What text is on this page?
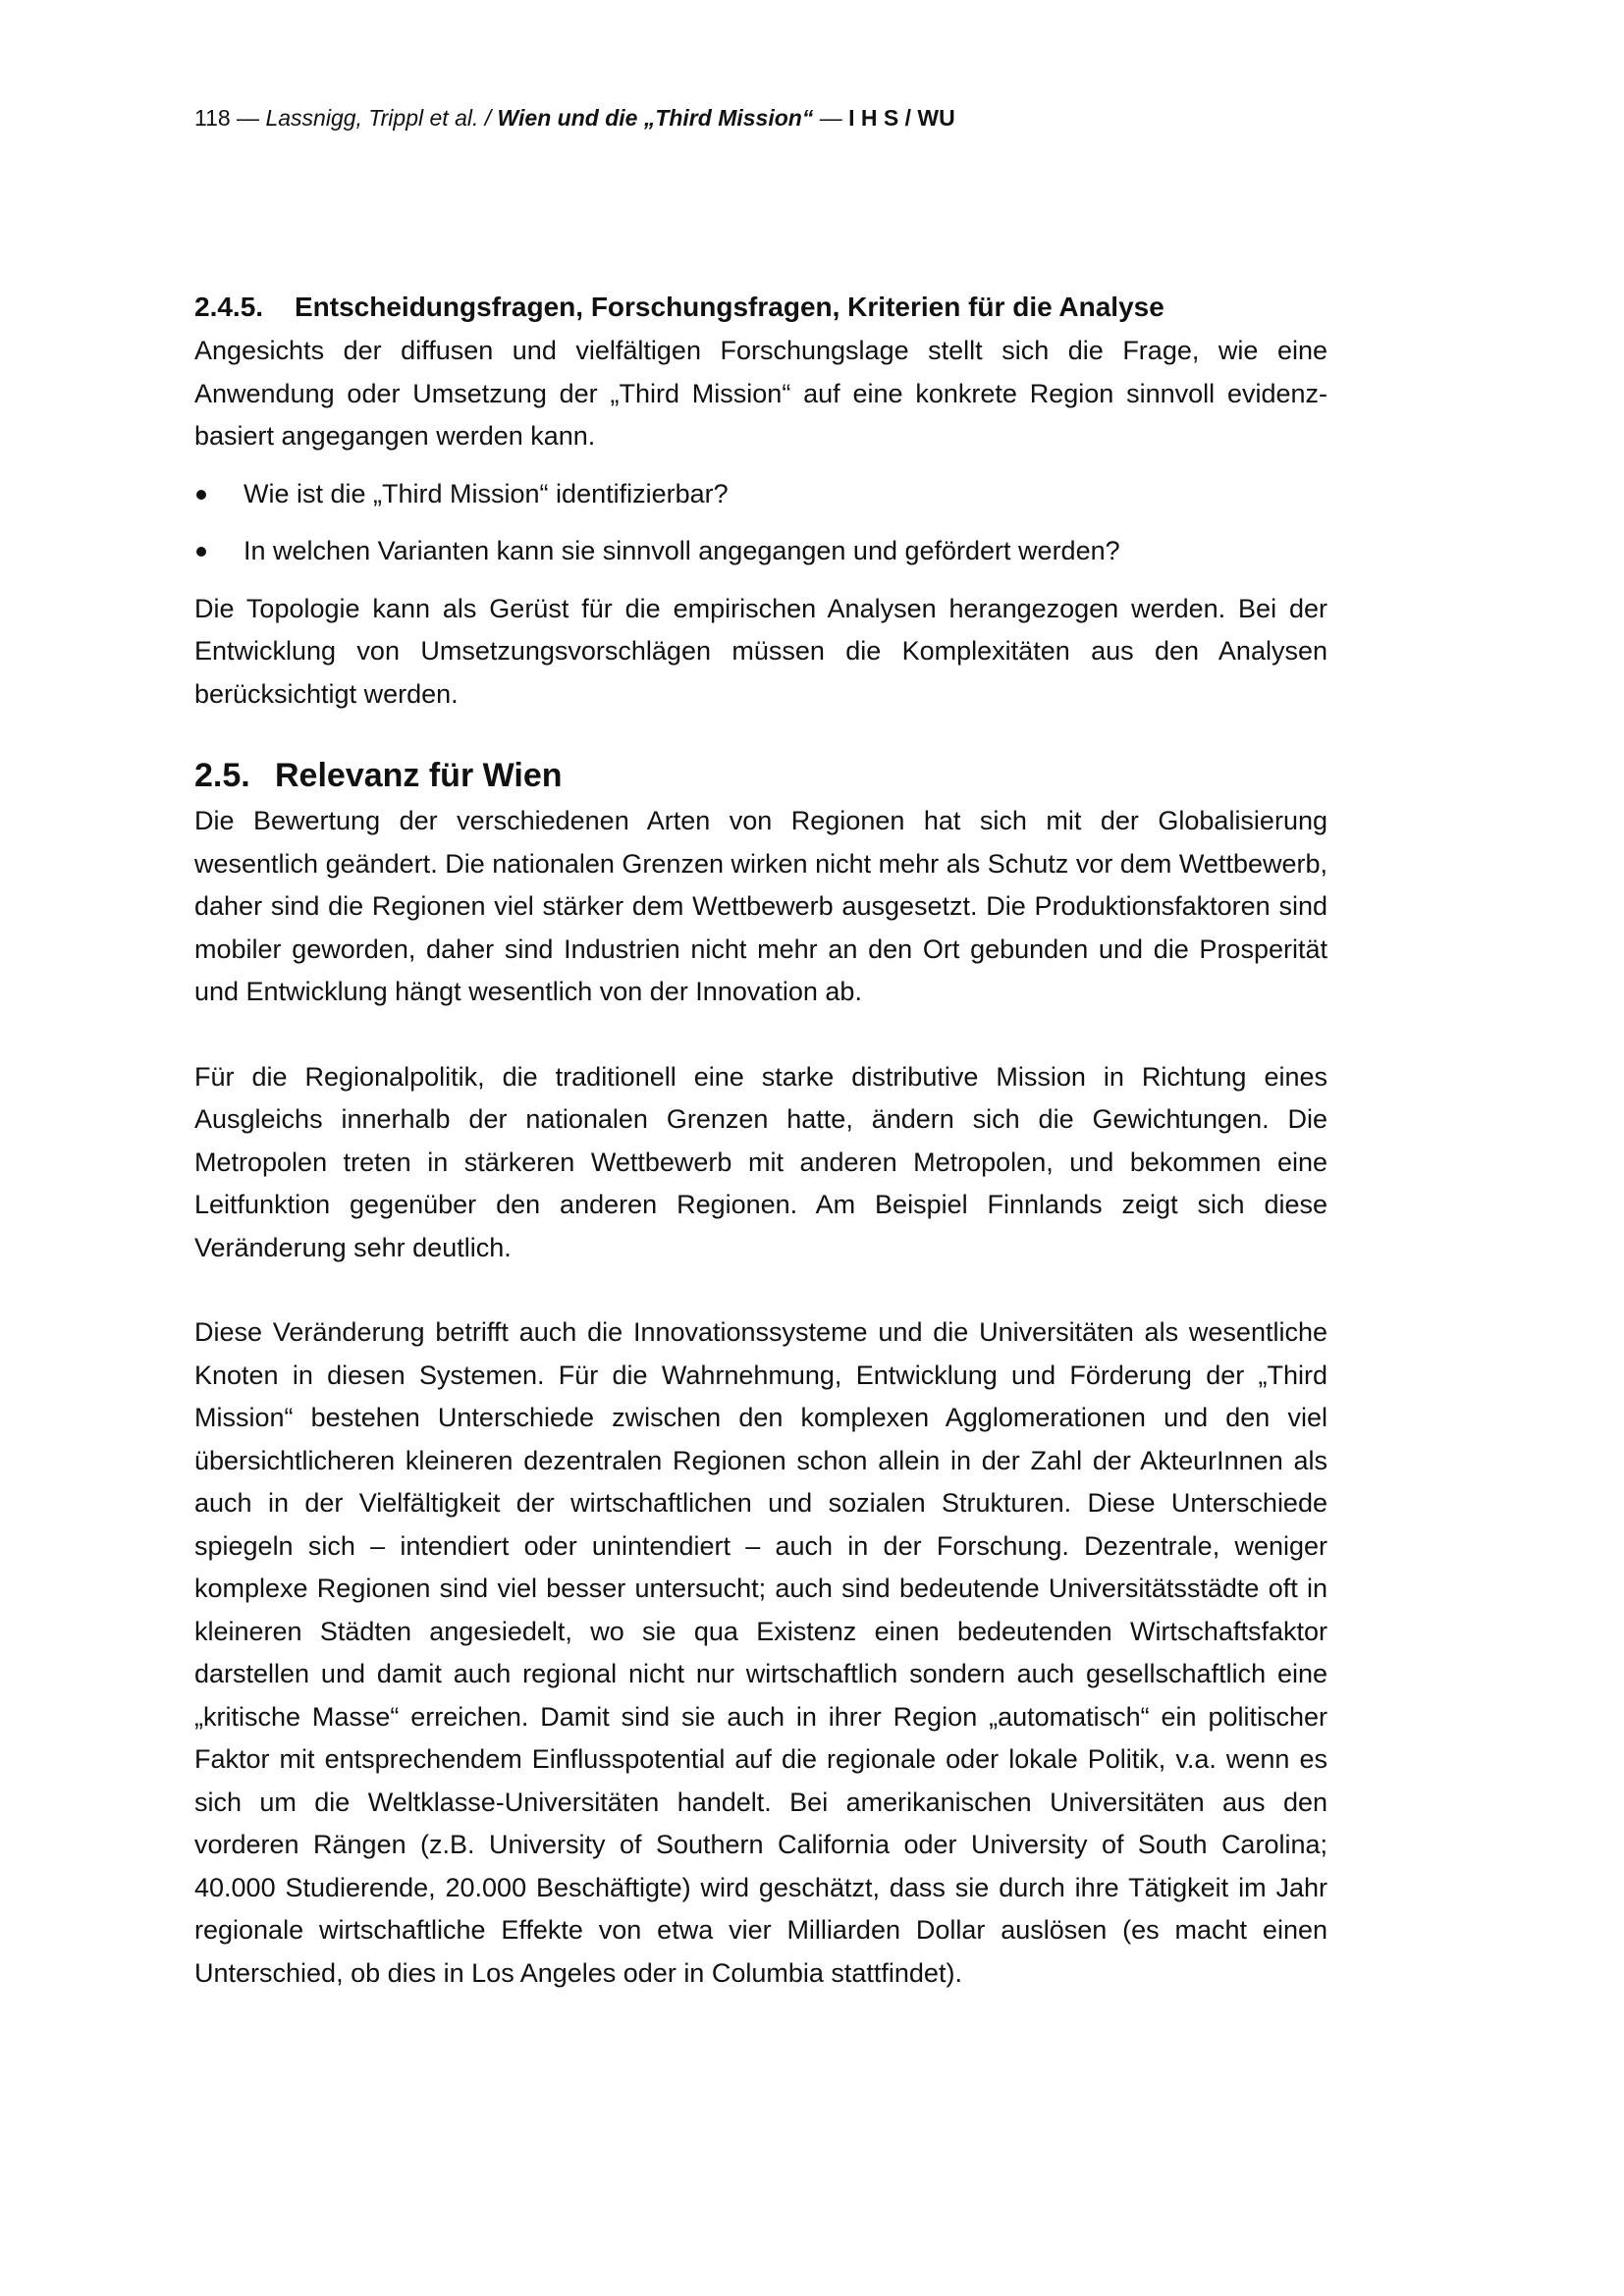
118 — Lassnigg, Trippl et al. / Wien und die „Third Mission“ — I H S / WU
2.4.5. Entscheidungsfragen, Forschungsfragen, Kriterien für die Analyse

Angesichts der diffusen und vielfältigen Forschungslage stellt sich die Frage, wie eine Anwendung oder Umsetzung der „Third Mission“ auf eine konkrete Region sinnvoll evidenz-basiert angegangen werden kann.

Wie ist die „Third Mission“ identifizierbar?
In welchen Varianten kann sie sinnvoll angegangen und gefördert werden?

Die Topologie kann als Gerüst für die empirischen Analysen herangezogen werden. Bei der Entwicklung von Umsetzungsvorschlägen müssen die Komplexitäten aus den Analysen berücksichtigt werden.

2.5. Relevanz für Wien

Die Bewertung der verschiedenen Arten von Regionen hat sich mit der Globalisierung wesentlich geändert. Die nationalen Grenzen wirken nicht mehr als Schutz vor dem Wettbewerb, daher sind die Regionen viel stärker dem Wettbewerb ausgesetzt. Die Produktionsfaktoren sind mobiler geworden, daher sind Industrien nicht mehr an den Ort gebunden und die Prosperität und Entwicklung hängt wesentlich von der Innovation ab.

Für die Regionalpolitik, die traditionell eine starke distributive Mission in Richtung eines Ausgleichs innerhalb der nationalen Grenzen hatte, ändern sich die Gewichtungen. Die Metropolen treten in stärkeren Wettbewerb mit anderen Metropolen, und bekommen eine Leitfunktion gegenüber den anderen Regionen. Am Beispiel Finnlands zeigt sich diese Veränderung sehr deutlich.

Diese Veränderung betrifft auch die Innovationssysteme und die Universitäten als wesentliche Knoten in diesen Systemen. Für die Wahrnehmung, Entwicklung und Förderung der „Third Mission“ bestehen Unterschiede zwischen den komplexen Agglomerationen und den viel übersichtlicheren kleineren dezentralen Regionen schon allein in der Zahl der AkteurInnen als auch in der Vielfältigkeit der wirtschaftlichen und sozialen Strukturen. Diese Unterschiede spiegeln sich – intendiert oder unintendiert – auch in der Forschung. Dezentrale, weniger komplexe Regionen sind viel besser untersucht; auch sind bedeutende Universitätsstädte oft in kleineren Städten angesiedelt, wo sie qua Existenz einen bedeutenden Wirtschaftsfaktor darstellen und damit auch regional nicht nur wirtschaftlich sondern auch gesellschaftlich eine „kritische Masse“ erreichen. Damit sind sie auch in ihrer Region „automatisch“ ein politischer Faktor mit entsprechendem Einflusspotential auf die regionale oder lokale Politik, v.a. wenn es sich um die Weltklasse-Universitäten handelt. Bei amerikanischen Universitäten aus den vorderen Rängen (z.B. University of Southern California oder University of South Carolina; 40.000 Studierende, 20.000 Beschäftigte) wird geschätzt, dass sie durch ihre Tätigkeit im Jahr regionale wirtschaftliche Effekte von etwa vier Milliarden Dollar auslösen (es macht einen Unterschied, ob dies in Los Angeles oder in Columbia stattfindet).
